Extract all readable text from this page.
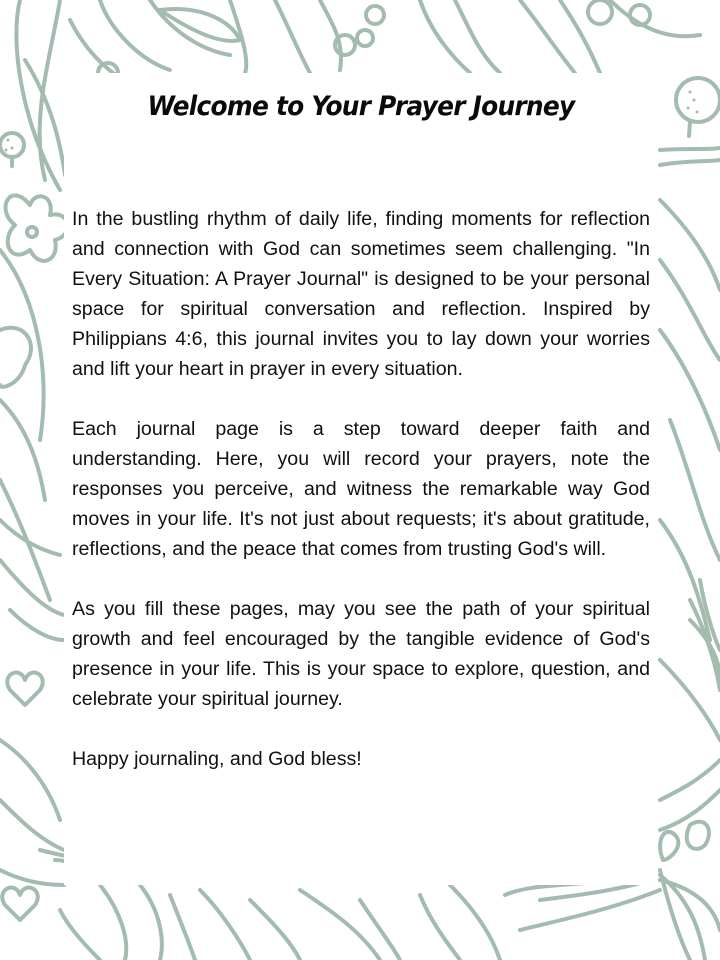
Welcome to Your Prayer Journey

In the bustling rhythm of daily life, finding moments for reflection and connection with God can sometimes seem challenging. "In Every Situation: A Prayer Journal" is designed to be your personal space for spiritual conversation and reflection. Inspired by Philippians 4:6, this journal invites you to lay down your worries and lift your heart in prayer in every situation.

Each journal page is a step toward deeper faith and understanding. Here, you will record your prayers, note the responses you perceive, and witness the remarkable way God moves in your life. It's not just about requests; it's about gratitude, reflections, and the peace that comes from trusting God's will.

As you fill these pages, may you see the path of your spiritual growth and feel encouraged by the tangible evidence of God's presence in your life. This is your space to explore, question, and celebrate your spiritual journey.

Happy journaling, and God bless!
